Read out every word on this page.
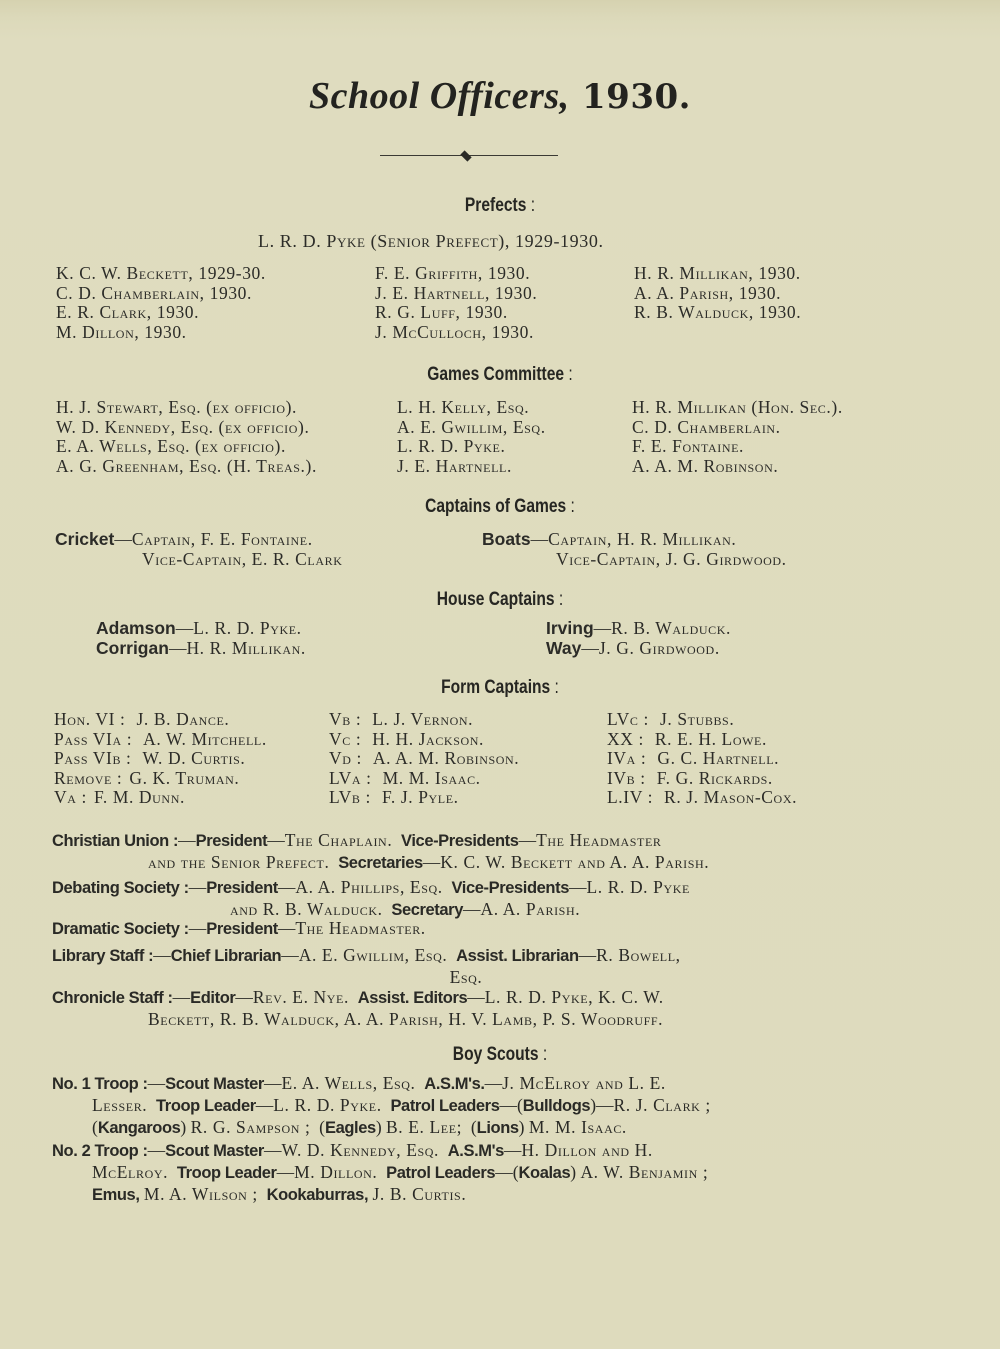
School Officers, 1930.
Prefects :
L. R. D. Pyke (Senior Prefect), 1929-1930.
K. C. W. Beckett, 1929-30.
C. D. Chamberlain, 1930.
E. R. Clark, 1930.
M. Dillon, 1930.
F. E. Griffith, 1930.
J. E. Hartnell, 1930.
R. G. Luff, 1930.
J. McCulloch, 1930.
H. R. Millikan, 1930.
A. A. Parish, 1930.
R. B. Walduck, 1930.
Games Committee :
H. J. Stewart, Esq. (ex officio).
W. D. Kennedy, Esq. (ex officio).
E. A. Wells, Esq. (ex officio).
A. G. Greenham, Esq. (H. Treas.).
L. H. Kelly, Esq.
A. E. Gwillim, Esq.
L. R. D. Pyke.
J. E. Hartnell.
H. R. Millikan (Hon. Sec.).
C. D. Chamberlain.
F. E. Fontaine.
A. A. M. Robinson.
Captains of Games :
Cricket—Captain, F. E. Fontaine.
Vice-Captain, E. R. Clark
Boats—Captain, H. R. Millikan.
Vice-Captain, J. G. Girdwood.
House Captains :
Adamson—L. R. D. Pyke.
Corrigan—H. R. Millikan.
Irving—R. B. Walduck.
Way—J. G. Girdwood.
Form Captains :
Hon. VI : J. B. Dance.
Pass VIa : A. W. Mitchell.
Pass VIb : W. D. Curtis.
Remove : G. K. Truman.
Va : F. M. Dunn.
Vb : L. J. Vernon.
Vc : H. H. Jackson.
Vd : A. A. M. Robinson.
LVa : M. M. Isaac.
LVb : F. J. Pyle.
LVc : J. Stubbs.
XX : R. E. H. Lowe.
IVa : G. C. Hartnell.
IVb : F. G. Rickards.
L.IV : R. J. Mason-Cox.
Christian Union :—President—The Chaplain. Vice-Presidents—The Headmaster
and the Senior Prefect. Secretaries—K. C. W. Beckett and A. A. Parish.
Debating Society :—President—A. A. Phillips, Esq. Vice-Presidents—L. R. D. Pyke
and R. B. Walduck. Secretary—A. A. Parish.
Dramatic Society :—President—The Headmaster.
Library Staff :—Chief Librarian—A. E. Gwillim, Esq. Assist. Librarian—R. Bowell,
Esq.
Chronicle Staff :—Editor—Rev. E. Nye. Assist. Editors—L. R. D. Pyke, K. C. W.
Beckett, R. B. Walduck, A. A. Parish, H. V. Lamb, P. S. Woodruff.
Boy Scouts :
No. 1 Troop :—Scout Master—E. A. Wells, Esq. A.S.M's.—J. McElroy and L. E.
Lesser. Troop Leader—L. R. D. Pyke. Patrol Leaders—(Bulldogs)—R. J. Clark ;
(Kangaroos) R. G. Sampson ; (Eagles) B. E. Lee; (Lions) M. M. Isaac.
No. 2 Troop :—Scout Master—W. D. Kennedy, Esq. A.S.M's—H. Dillon and H.
McElroy. Troop Leader—M. Dillon. Patrol Leaders—(Koalas) A. W. Benjamin ;
Emus, M. A. Wilson ; Kookaburras, J. B. Curtis.
